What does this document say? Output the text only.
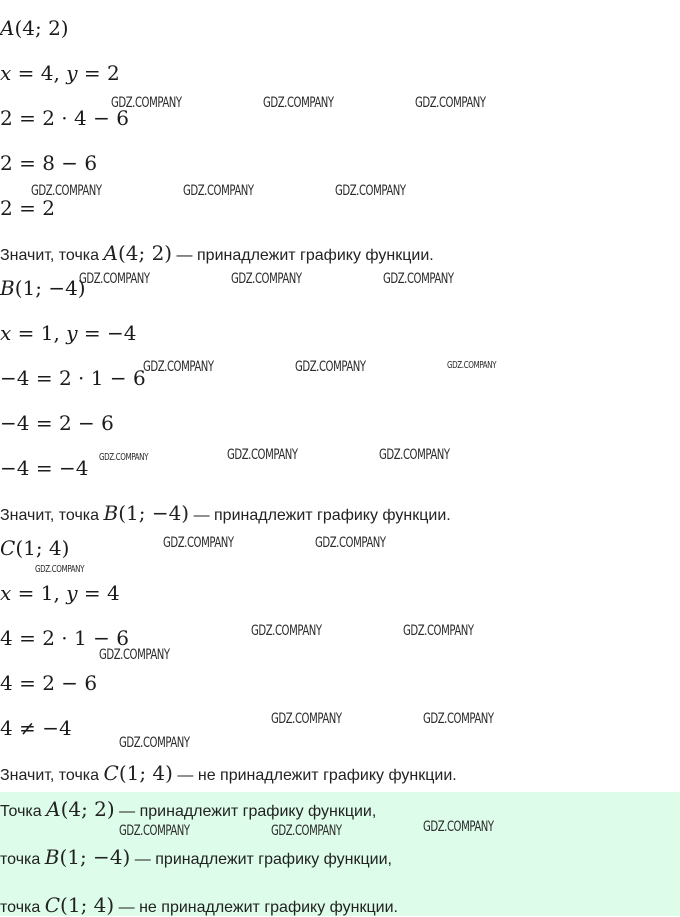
A(4; 2)
x = 4, y = 2
2 = 2 · 4 − 6
2 = 8 − 6
2 = 2
Значит, точка A(4; 2) — принадлежит графику функции.
B(1; −4)
x = 1, y = −4
−4 = 2 · 1 − 6
−4 = 2 − 6
−4 = −4
Значит, точка B(1; −4) — принадлежит графику функции.
C(1; 4)
x = 1, y = 4
4 = 2 · 1 − 6
4 = 2 − 6
4 ≠ −4
Значит, точка C(1; 4) — не принадлежит графику функции.
Точка A(4; 2) — принадлежит графику функции,
точка B(1; −4) — принадлежит графику функции,
точка C(1; 4) — не принадлежит графику функции.
GDZ.COMPANY	GDZ.COMPANY	GDZ.COMPANY
GDZ.COMPANY	GDZ.COMPANY	GDZ.COMPANY
GDZ.COMPANY	GDZ.COMPANY	GDZ.COMPANY
GDZ.COMPANY	GDZ.COMPANY	GDZ.COMPANY
GDZ.COMPANY	GDZ.COMPANY	GDZ.COMPANY
GDZ.COMPANY	GDZ.COMPANY
GDZ.COMPANY
GDZ.COMPANY	GDZ.COMPANY
GDZ.COMPANY
GDZ.COMPANY	GDZ.COMPANY
GDZ.COMPANY
GDZ.COMPANY	GDZ.COMPANY	GDZ.COMPANY
